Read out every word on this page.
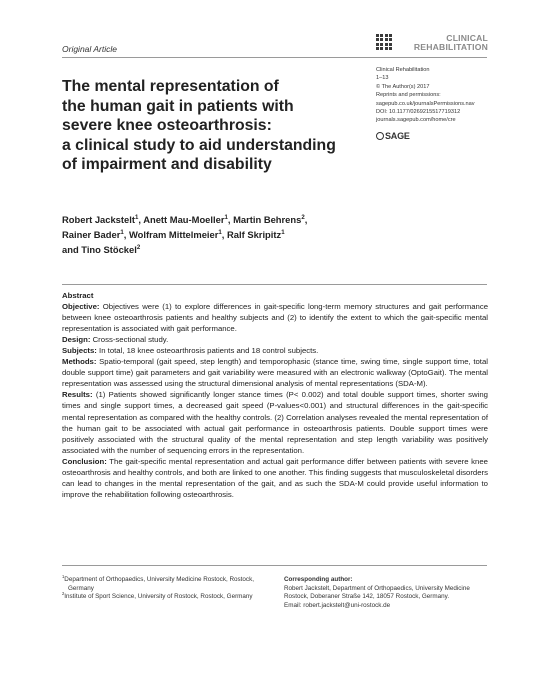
Original Article
CLINICAL
REHABILITATION
The mental representation of
the human gait in patients with
severe knee osteoarthrosis:
a clinical study to aid understanding
of impairment and disability
Clinical Rehabilitation
1–13
© The Author(s) 2017
Reprints and permissions:
sagepub.co.uk/journalsPermissions.nav
DOI: 10.1177/0269215517719312
journals.sagepub.com/home/cre
SAGE
Robert Jackstelt$^1$, Anett Mau-Moeller$^1$, Martin Behrens$^2$,
Rainer Bader$^1$, Wolfram Mittelmeier$^1$, Ralf Skripitz$^1$
and Tino Stöckel$^2$

Abstract

Objective: Objectives were (1) to explore differences in gait-specific long-term memory structures and gait performance between knee osteoarthrosis patients and healthy subjects and (2) to identify the extent to which the gait-specific mental representation is associated with gait performance.

Design: Cross-sectional study.

Subjects: In total, 18 knee osteoarthrosis patients and 18 control subjects.

Methods: Spatio-temporal (gait speed, step length) and temporophasic (stance time, swing time, single support time, total double support time) gait parameters and gait variability were measured with an electronic walkway (OptoGait). The mental representation was assessed using the structural dimensional analysis of mental representations (SDA-M).

Results: (1) Patients showed significantly longer stance times (P< 0.002) and total double support times, shorter swing times and single support times, a decreased gait speed (P-values<0.001) and structural differences in the gait-specific mental representation as compared with the healthy controls. (2) Correlation analyses revealed the mental representation of the human gait to be associated with actual gait performance in osteoarthrosis patients. Double support times were positively associated with the structural quality of the mental representation and step length variability was positively associated with the number of sequencing errors in the representation.

Conclusion: The gait-specific mental representation and actual gait performance differ between patients with severe knee osteoarthrosis and healthy controls, and both are linked to one another. This finding suggests that musculoskeletal disorders can lead to changes in the mental representation of the gait, and as such the SDA-M could provide useful information to improve the rehabilitation following osteoarthrosis.

$^1$Department of Orthopaedics, University Medicine Rostock, Rostock, Germany
$^2$Institute of Sport Science, University of Rostock, Rostock, Germany
Corresponding author:
Robert Jackstelt, Department of Orthopaedics, University Medicine Rostock, Doberaner Straße 142, 18057 Rostock, Germany.
Email: robert.jackstelt@uni-rostock.de
